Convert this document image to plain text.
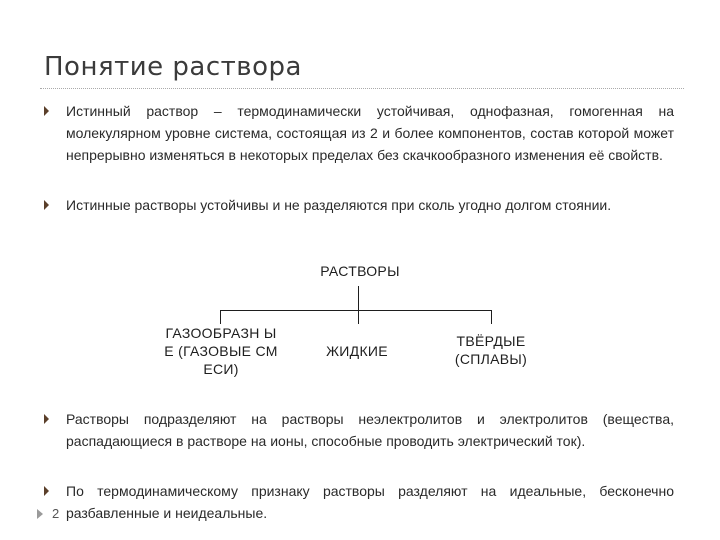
Понятие раствора
Истинный раствор – термодинамически устойчивая, однофазная, гомогенная на молекулярном уровне система, состоящая из 2 и более компонентов, состав которой может непрерывно изменяться в некоторых пределах без скачкообразного изменения её свойств.
Истинные растворы устойчивы и не разделяются при сколь угодно долгом стоянии.
РАСТВОРЫ
ГАЗООБРАЗН ЫЕ (ГАЗОВЫЕ СМЕСИ)
ЖИДКИЕ
ТВЁРДЫЕ (СПЛАВЫ)
Растворы подразделяют на растворы неэлектролитов и электролитов (вещества, распадающиеся в растворе на ионы, способные проводить электрический ток).
По термодинамическому признаку растворы разделяют на идеальные, бесконечно разбавленные и неидеальные.
2
